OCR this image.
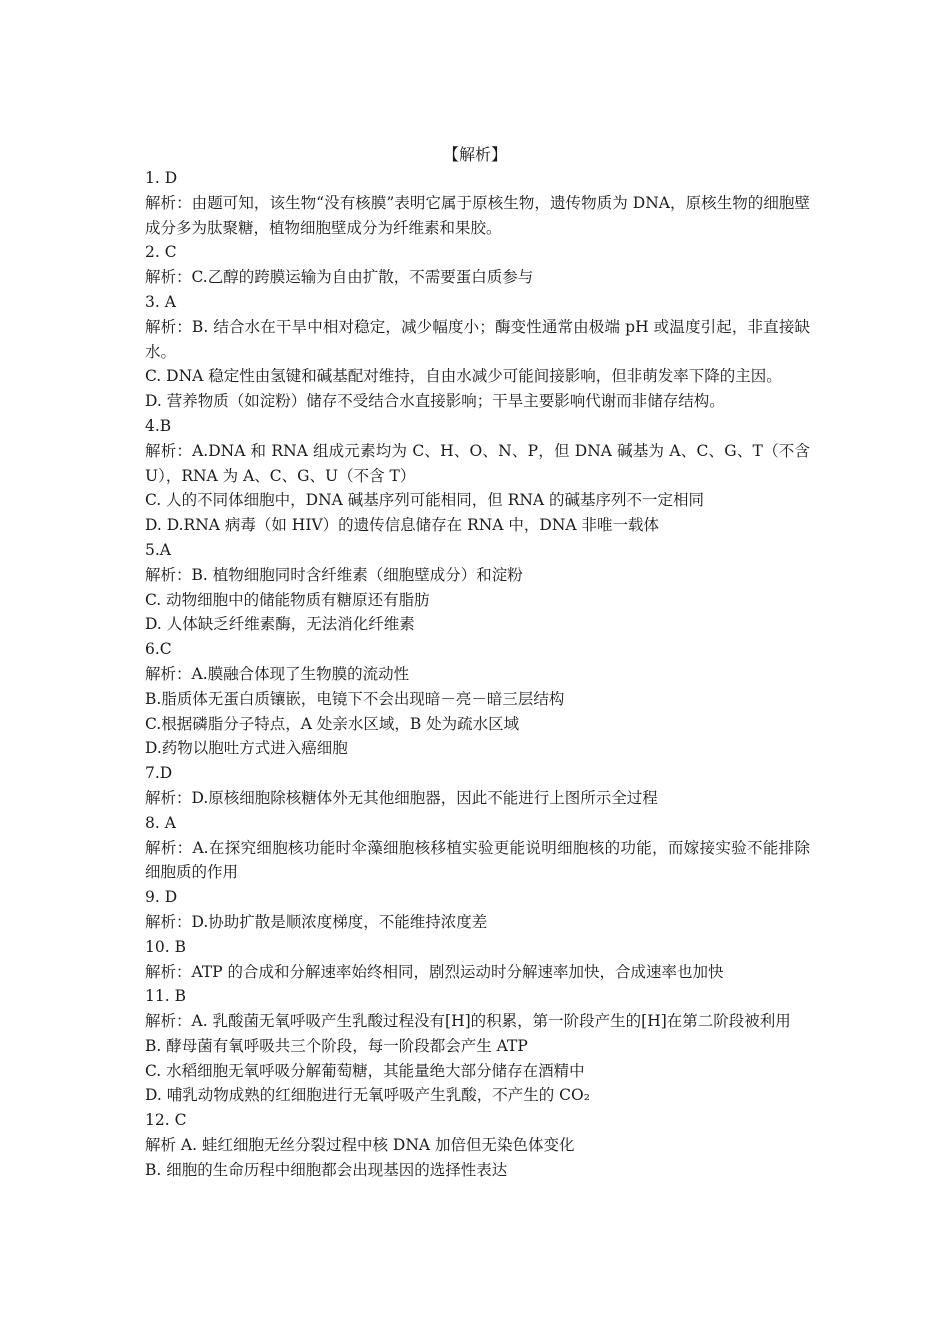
【解析】
1. D
解析：由题可知，该生物“没有核膜”表明它属于原核生物，遗传物质为 DNA，原核生物的细胞壁成分多为肽聚糖，植物细胞壁成分为纤维素和果胶。
2. C
解析：C.乙醇的跨膜运输为自由扩散，不需要蛋白质参与
3. A
解析：B. 结合水在干旱中相对稳定，减少幅度小；酶变性通常由极端 pH 或温度引起，非直接缺水。
C. DNA 稳定性由氢键和碱基配对维持，自由水减少可能间接影响，但非萌发率下降的主因。
D. 营养物质（如淀粉）储存不受结合水直接影响；干旱主要影响代谢而非储存结构。
4.B
解析：A.DNA 和 RNA 组成元素均为 C、H、O、N、P，但 DNA 碱基为 A、C、G、T（不含 U），RNA 为 A、C、G、U（不含 T）
C. 人的不同体细胞中，DNA 碱基序列可能相同，但 RNA 的碱基序列不一定相同
D. D.RNA 病毒（如 HIV）的遗传信息储存在 RNA 中，DNA 非唯一载体
5.A
解析：B. 植物细胞同时含纤维素（细胞壁成分）和淀粉
C. 动物细胞中的储能物质有糖原还有脂肪
D. 人体缺乏纤维素酶，无法消化纤维素
6.C
解析：A.膜融合体现了生物膜的流动性
B.脂质体无蛋白质镶嵌，电镜下不会出现暗－亮－暗三层结构
C.根据磷脂分子特点，A 处亲水区域，B 处为疏水区域
D.药物以胞吐方式进入癌细胞
7.D
解析：D.原核细胞除核糖体外无其他细胞器，因此不能进行上图所示全过程
8. A
解析：A.在探究细胞核功能时伞藻细胞核移植实验更能说明细胞核的功能，而嫁接实验不能排除细胞质的作用
9. D
解析：D.协助扩散是顺浓度梯度，不能维持浓度差
10. B
解析：ATP 的合成和分解速率始终相同，剧烈运动时分解速率加快，合成速率也加快
11. B
解析：A. 乳酸菌无氧呼吸产生乳酸过程没有[H]的积累，第一阶段产生的[H]在第二阶段被利用
B. 酵母菌有氧呼吸共三个阶段，每一阶段都会产生 ATP
C. 水稻细胞无氧呼吸分解葡萄糖，其能量绝大部分储存在酒精中
D. 哺乳动物成熟的红细胞进行无氧呼吸产生乳酸，不产生的 CO₂
12. C
解析 A. 蛙红细胞无丝分裂过程中核 DNA 加倍但无染色体变化
B. 细胞的生命历程中细胞都会出现基因的选择性表达
